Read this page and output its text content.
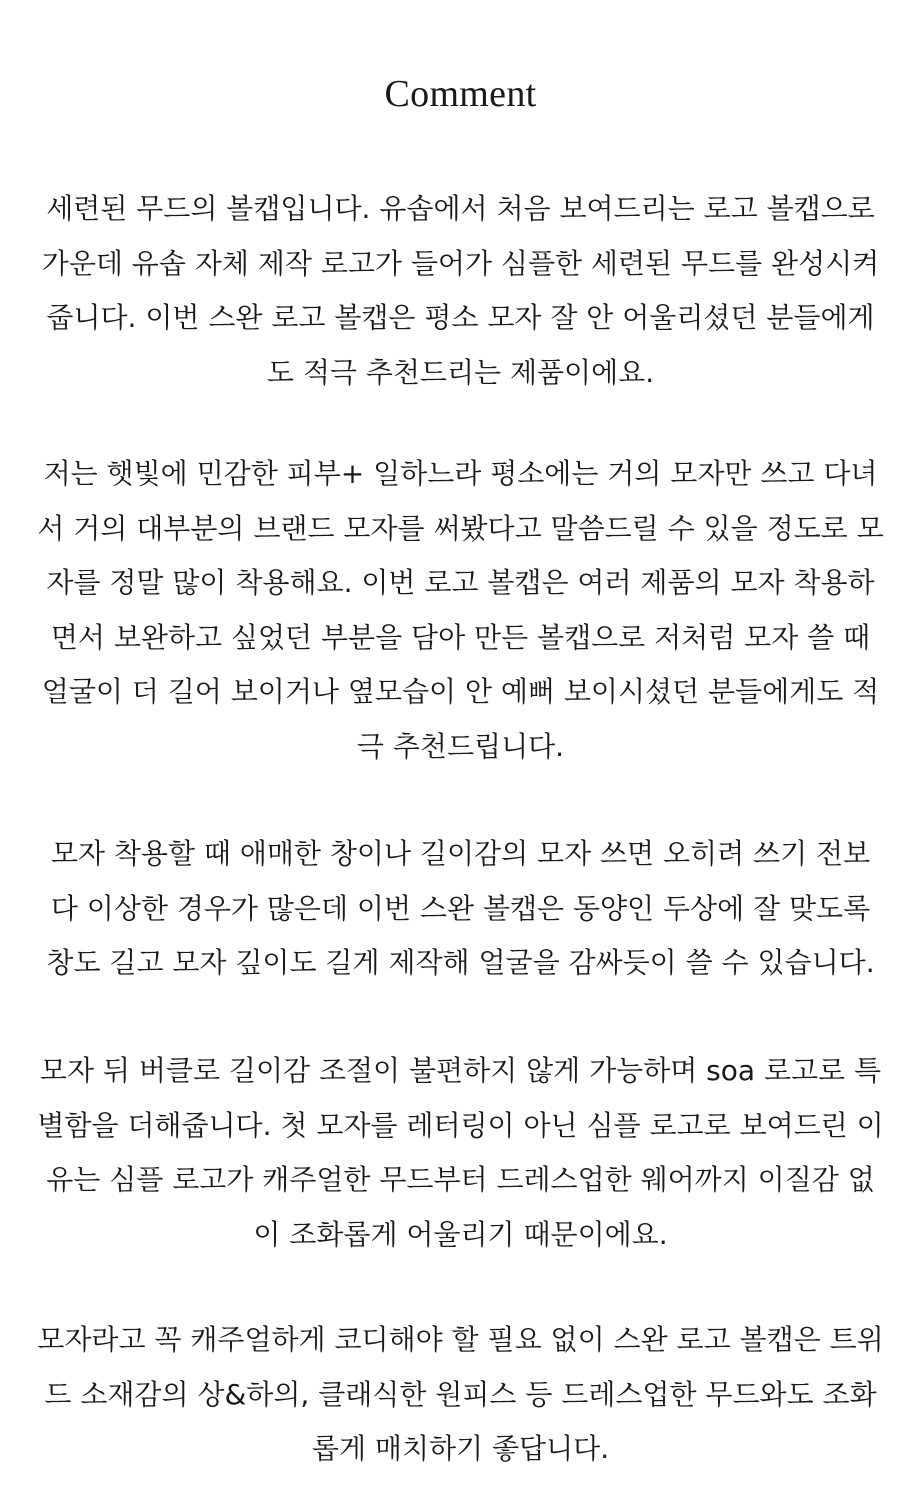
Comment
세련된 무드의 볼캡입니다. 유솝에서 처음 보여드리는 로고 볼캡으로
가운데 유솝 자체 제작 로고가 들어가 심플한 세련된 무드를 완성시켜
줍니다. 이번 스완 로고 볼캡은 평소 모자 잘 안 어울리셨던 분들에게
도 적극 추천드리는 제품이에요.
저는 햇빛에 민감한 피부+ 일하느라 평소에는 거의 모자만 쓰고 다녀
서 거의 대부분의 브랜드 모자를 써봤다고 말씀드릴 수 있을 정도로 모
자를 정말 많이 착용해요. 이번 로고 볼캡은 여러 제품의 모자 착용하
면서 보완하고 싶었던 부분을 담아 만든 볼캡으로 저처럼 모자 쓸 때
얼굴이 더 길어 보이거나 옆모습이 안 예뻐 보이시셨던 분들에게도 적
극 추천드립니다.
모자 착용할 때 애매한 창이나 길이감의 모자 쓰면 오히려 쓰기 전보
다 이상한 경우가 많은데 이번 스완 볼캡은 동양인 두상에 잘 맞도록
창도 길고 모자 깊이도 길게 제작해 얼굴을 감싸듯이 쓸 수 있습니다.
모자 뒤 버클로 길이감 조절이 불편하지 않게 가능하며 soa 로고로 특
별함을 더해줍니다. 첫 모자를 레터링이 아닌 심플 로고로 보여드린 이
유는 심플 로고가 캐주얼한 무드부터 드레스업한 웨어까지 이질감 없
이 조화롭게 어울리기 때문이에요.
모자라고 꼭 캐주얼하게 코디해야 할 필요 없이 스완 로고 볼캡은 트위
드 소재감의 상&하의, 클래식한 원피스 등 드레스업한 무드와도 조화
롭게 매치하기 좋답니다.
